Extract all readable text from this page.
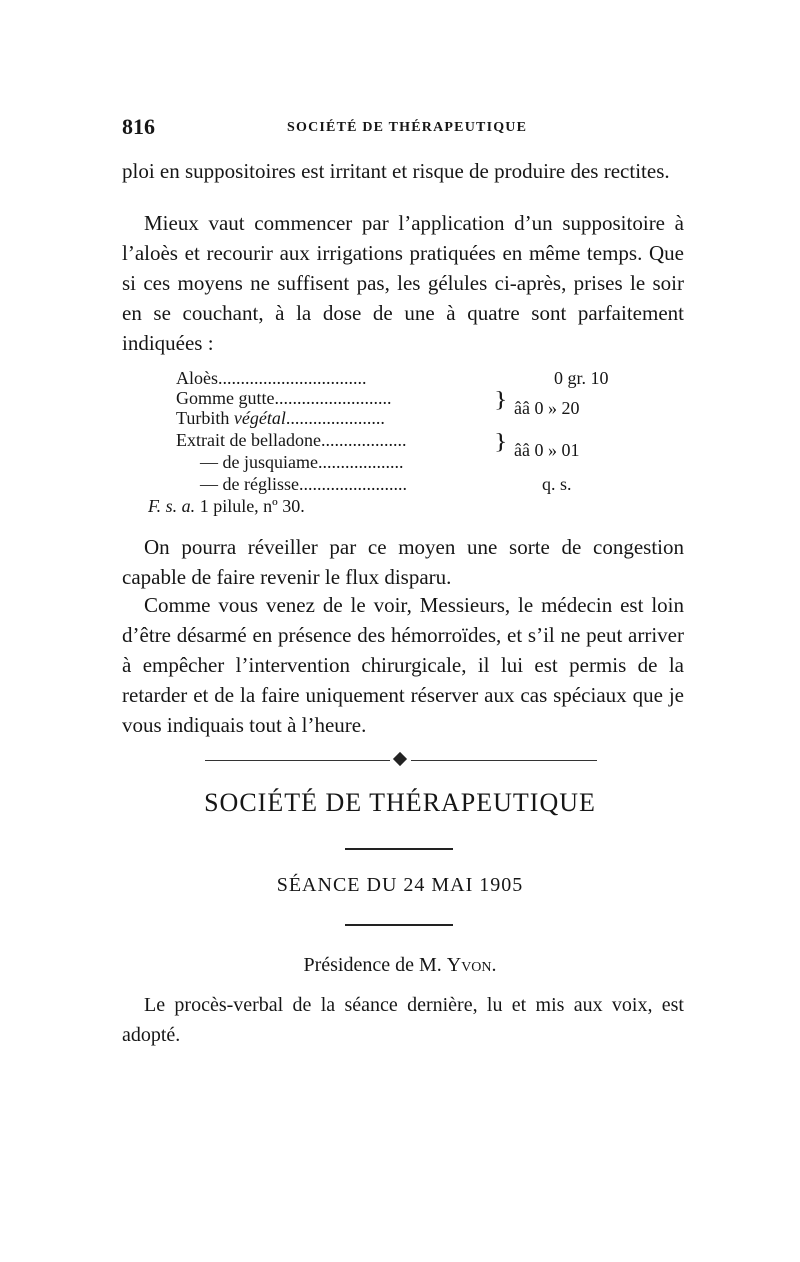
816	SOCIÉTÉ DE THÉRAPEUTIQUE

ploi en suppositoires est irritant et risque de produire des rectites.

Mieux vaut commencer par l’application d’un suppositoire à l’aloès et recourir aux irrigations pratiquées en même temps. Que si ces moyens ne suffisent pas, les gélules ci-après, prises le soir en se couchant, à la dose de une à quatre sont parfaitement indiquées :

Aloès.................................	0 gr. 10
Gomme gutte..........................
Turbith végétal......................
} ââ 0 » 20
Extrait de belladone...................
— de jusquiame...................
} ââ 0 » 01
— de réglisse........................	q. s.
F. s. a. 1 pilule, nº 30.

On pourra réveiller par ce moyen une sorte de congestion capable de faire revenir le flux disparu.

Comme vous venez de le voir, Messieurs, le médecin est loin d’être désarmé en présence des hémorroïdes, et s’il ne peut arriver à empêcher l’intervention chirurgicale, il lui est permis de la retarder et de la faire uniquement réserver aux cas spéciaux que je vous indiquais tout à l’heure.

SOCIÉTÉ DE THÉRAPEUTIQUE
SÉANCE DU 24 MAI 1905
Présidence de M. Yvon.

Le procès-verbal de la séance dernière, lu et mis aux voix, est adopté.
